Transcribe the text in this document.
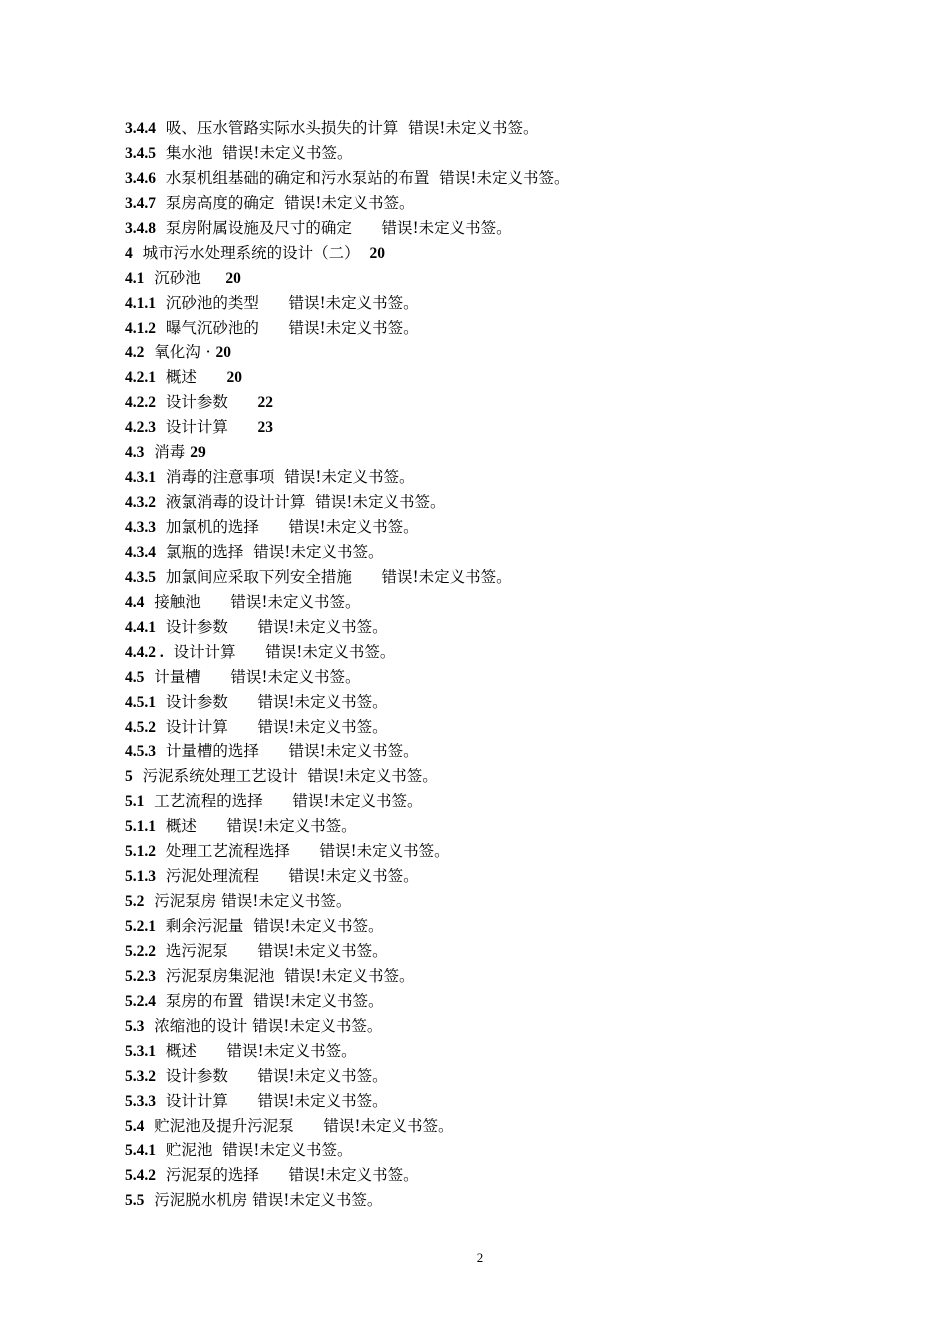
3.4.4 吸、压水管路实际水头损失的计算 错误!未定义书签。
3.4.5 集水池 错误!未定义书签。
3.4.6 水泵机组基础的确定和污水泵站的布置 错误!未定义书签。
3.4.7 泵房高度的确定 错误!未定义书签。
3.4.8 泵房附属设施及尺寸的确定 错误!未定义书签。
4 城市污水处理系统的设计（二） 20
4.1 沉砂池 20
4.1.1 沉砂池的类型 错误!未定义书签。
4.1.2 曝气沉砂池的 错误!未定义书签。
4.2 氧化沟 · 20
4.2.1 概述 20
4.2.2 设计参数 22
4.2.3 设计计算 23
4.3 消毒 29
4.3.1 消毒的注意事项 错误!未定义书签。
4.3.2 液氯消毒的设计计算 错误!未定义书签。
4.3.3 加氯机的选择 错误!未定义书签。
4.3.4 氯瓶的选择 错误!未定义书签。
4.3.5 加氯间应采取下列安全措施 错误!未定义书签。
4.4 接触池 错误!未定义书签。
4.4.1 设计参数 错误!未定义书签。
4.4.2 . 设计计算 错误!未定义书签。
4.5 计量槽 错误!未定义书签。
4.5.1 设计参数 错误!未定义书签。
4.5.2 设计计算 错误!未定义书签。
4.5.3 计量槽的选择 错误!未定义书签。
5 污泥系统处理工艺设计 错误!未定义书签。
5.1 工艺流程的选择 错误!未定义书签。
5.1.1 概述 错误!未定义书签。
5.1.2 处理工艺流程选择 错误!未定义书签。
5.1.3 污泥处理流程 错误!未定义书签。
5.2 污泥泵房 错误!未定义书签。
5.2.1 剩余污泥量 错误!未定义书签。
5.2.2 选污泥泵 错误!未定义书签。
5.2.3 污泥泵房集泥池 错误!未定义书签。
5.2.4 泵房的布置 错误!未定义书签。
5.3 浓缩池的设计 错误!未定义书签。
5.3.1 概述 错误!未定义书签。
5.3.2 设计参数 错误!未定义书签。
5.3.3 设计计算 错误!未定义书签。
5.4 贮泥池及提升污泥泵 错误!未定义书签。
5.4.1 贮泥池 错误!未定义书签。
5.4.2 污泥泵的选择 错误!未定义书签。
5.5 污泥脱水机房 错误!未定义书签。
2
